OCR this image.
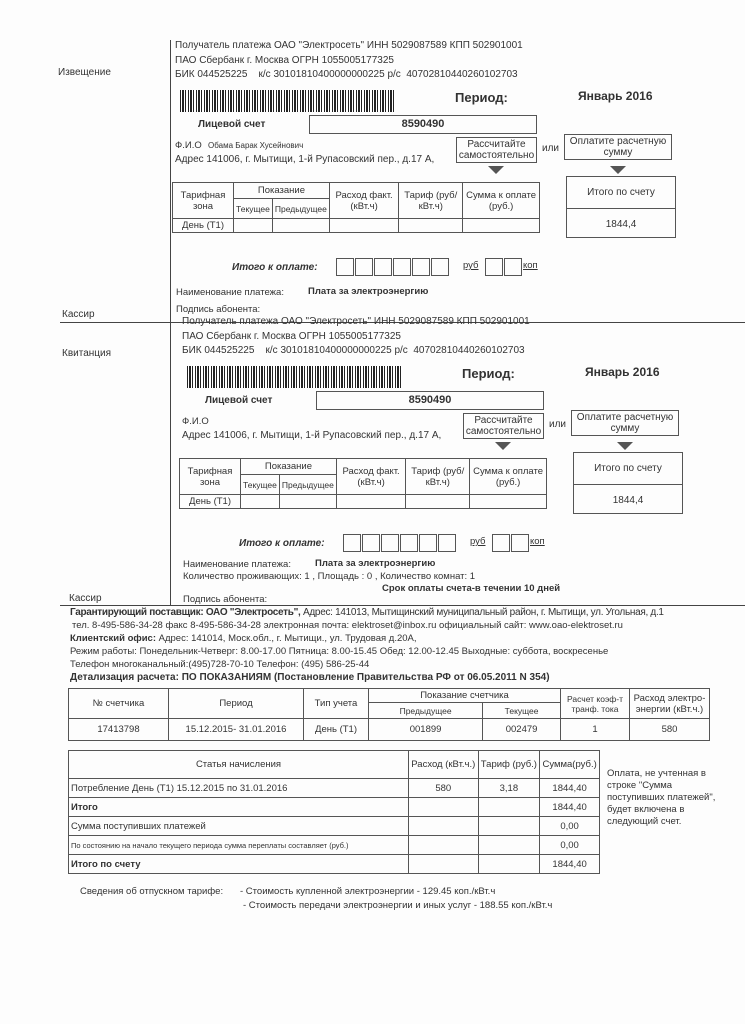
Извещение
Кассир
Получатель платежа ОАО "Электросеть" ИНН 5029087589 КПП 502901001
ПАО Сбербанк г. Москва ОГРН 1055005177325
БИК 044525225    к/с 30101810400000000225 р/с  40702810440260102703
Период:	Январь 2016
Лицевой счет	8590490
Ф.И.О Обама Барак Хусейнович
Адрес 141006, г. Мытищи, 1-й Рупасовский пер., д.17 А,
Рассчитайте самостоятельно
или
Оплатите расчетную сумму
Тарифная зона	Показание		Расход факт.(кВт.ч)	Тариф (руб/кВт.ч)	Сумма к оплате (руб.)
	Текущее	Предыдущее			
День (Т1)					
Итого по счету
1844,4
Итого к оплате:	руб	коп
Наименование платежа:	Плата за электроэнергию
Подпись абонента:
Квитанция
Кассир
Получатель платежа ОАО "Электросеть" ИНН 5029087589 КПП 502901001
ПАО Сбербанк г. Москва ОГРН 1055005177325
БИК 044525225    к/с 30101810400000000225 р/с  40702810440260102703
Период:	Январь 2016
Лицевой счет	8590490
Ф.И.О
Адрес 141006, г. Мытищи, 1-й Рупасовский пер., д.17 А,
Рассчитайте самостоятельно
или
Оплатите расчетную сумму
Тарифная зона	Показание		Расход факт.(кВт.ч)	Тариф (руб/кВт.ч)	Сумма к оплате (руб.)
	Текущее	Предыдущее			
День (Т1)					
Итого по счету
1844,4
Итого к оплате:	руб	коп
Наименование платежа:	Плата за электроэнергию
Подпись абонента:
Количество проживающих: 1 , Площадь : 0 , Количество комнат: 1
Срок оплаты счета-в течении 10 дней
Гарантирующий поставщик: ОАО "Электросеть", Адрес: 141013, Мытищинский муниципальный район, г. Мытищи, ул. Угольная, д.1
тел. 8-495-586-34-28 факс 8-495-586-34-28 электронная почта: elektroset@inbox.ru официальный сайт: www.oao-elektroset.ru
Клиентский офис: Адрес: 141014, Моск.обл., г. Мытищи., ул. Трудовая д.20А,
Режим работы: Понедельник-Четверг: 8.00-17.00 Пятница: 8.00-15.45 Обед: 12.00-12.45 Выходные: суббота, воскресенье
Телефон многоканальный:(495)728-70-10 Телефон: (495) 586-25-44
Детализация расчета: ПО ПОКАЗАНИЯМ (Постановление Правительства РФ от 06.05.2011 N 354)
№ счетчика	Период	Тип учета	Показание счетчика		Расчет коэф-т транф. тока	Расход электро-энергии (кВт.ч.)
			Предыдущее	Текущее		
17413798	15.12.2015- 31.01.2016	День (Т1)	001899	002479	1	580
Статья начисления	Расход (кВт.ч.)	Тариф (руб.)	Сумма(руб.)
Потребление День (Т1) 15.12.2015 по 31.01.2016	580	3,18	1844,40
Итого			1844,40
Сумма поступивших платежей			0,00
По состоянию на начало текущего периода сумма переплаты составляет (руб.)			0,00
Итого по счету			1844,40
Оплата, не учтенная в строке "Сумма поступивших платежей", будет включена в следующий счет.
Сведения об отпускном тарифе: - Стоимость купленной электроэнергии - 129.45 коп./кВт.ч
- Стоимость передачи электроэнергии и иных услуг - 188.55 коп./кВт.ч
